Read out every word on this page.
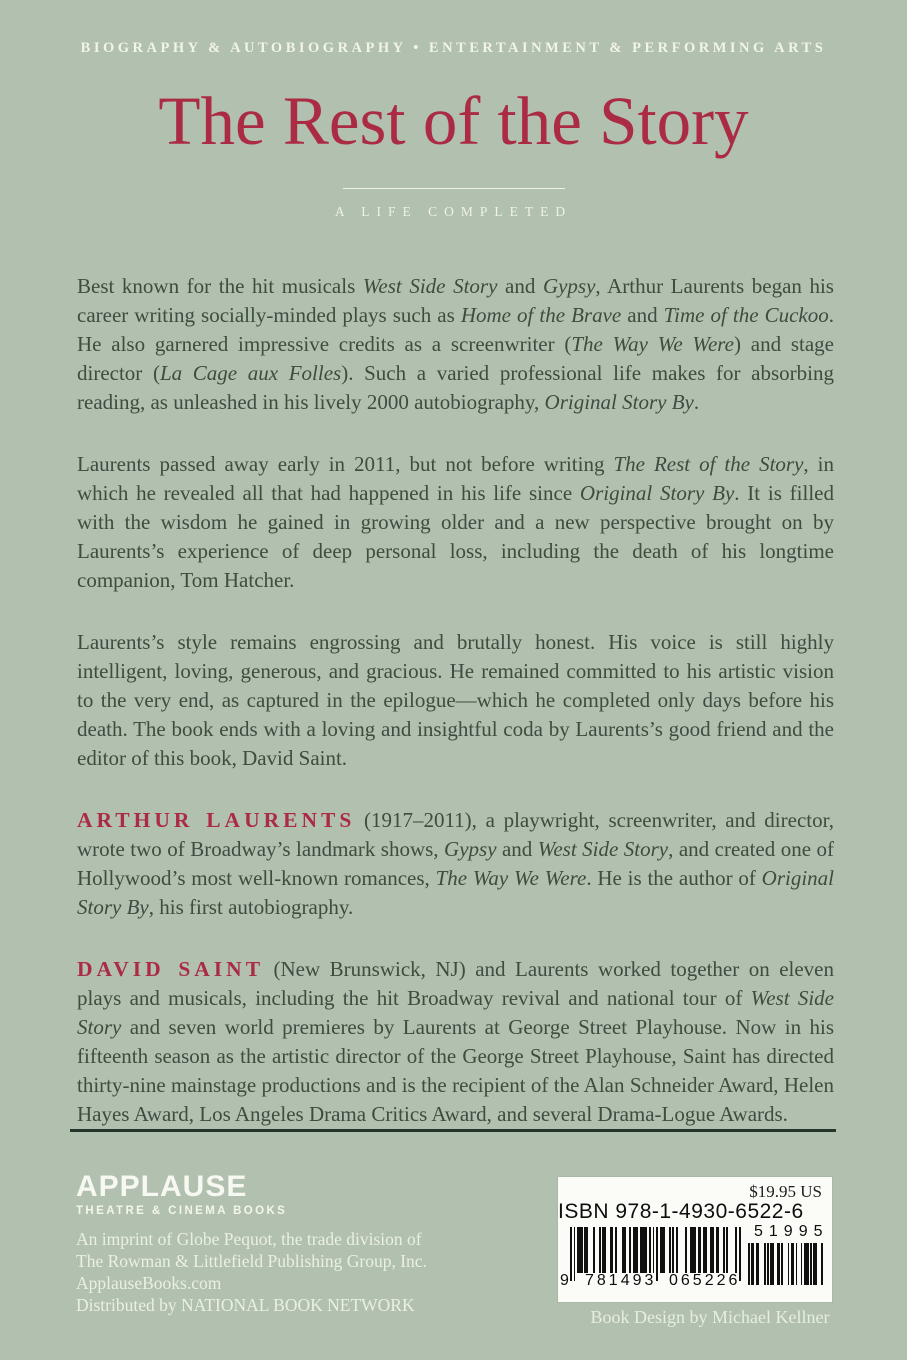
BIOGRAPHY & AUTOBIOGRAPHY • ENTERTAINMENT & PERFORMING ARTS
The Rest of the Story
A LIFE COMPLETED

Best known for the hit musicals West Side Story and Gypsy, Arthur Laurents began his career writing socially-minded plays such as Home of the Brave and Time of the Cuckoo. He also garnered impressive credits as a screenwriter (The Way We Were) and stage director (La Cage aux Folles). Such a varied professional life makes for absorbing reading, as unleashed in his lively 2000 autobiography, Original Story By.

Laurents passed away early in 2011, but not before writing The Rest of the Story, in which he revealed all that had happened in his life since Original Story By. It is filled with the wisdom he gained in growing older and a new perspective brought on by Laurents’s experience of deep personal loss, including the death of his longtime companion, Tom Hatcher.

Laurents’s style remains engrossing and brutally honest. His voice is still highly intelligent, loving, generous, and gracious. He remained committed to his artistic vision to the very end, as captured in the epilogue—which he completed only days before his death. The book ends with a loving and insightful coda by Laurents’s good friend and the editor of this book, David Saint.

ARTHUR LAURENTS (1917–2011), a playwright, screenwriter, and director, wrote two of Broadway’s landmark shows, Gypsy and West Side Story, and created one of Hollywood’s most well-known romances, The Way We Were. He is the author of Original Story By, his first autobiography.

DAVID SAINT (New Brunswick, NJ) and Laurents worked together on eleven plays and musicals, including the hit Broadway revival and national tour of West Side Story and seven world premieres by Laurents at George Street Playhouse. Now in his fifteenth season as the artistic director of the George Street Playhouse, Saint has directed thirty-nine mainstage productions and is the recipient of the Alan Schneider Award, Helen Hayes Award, Los Angeles Drama Critics Award, and several Drama-Logue Awards.

APPLAUSE
THEATRE & CINEMA BOOKS
An imprint of Globe Pequot, the trade division of
The Rowman & Littlefield Publishing Group, Inc.
ApplauseBooks.com
Distributed by NATIONAL BOOK NETWORK
$19.95 US
ISBN 978-1-4930-6522-6
9 781493 065226
51995
Book Design by Michael Kellner
